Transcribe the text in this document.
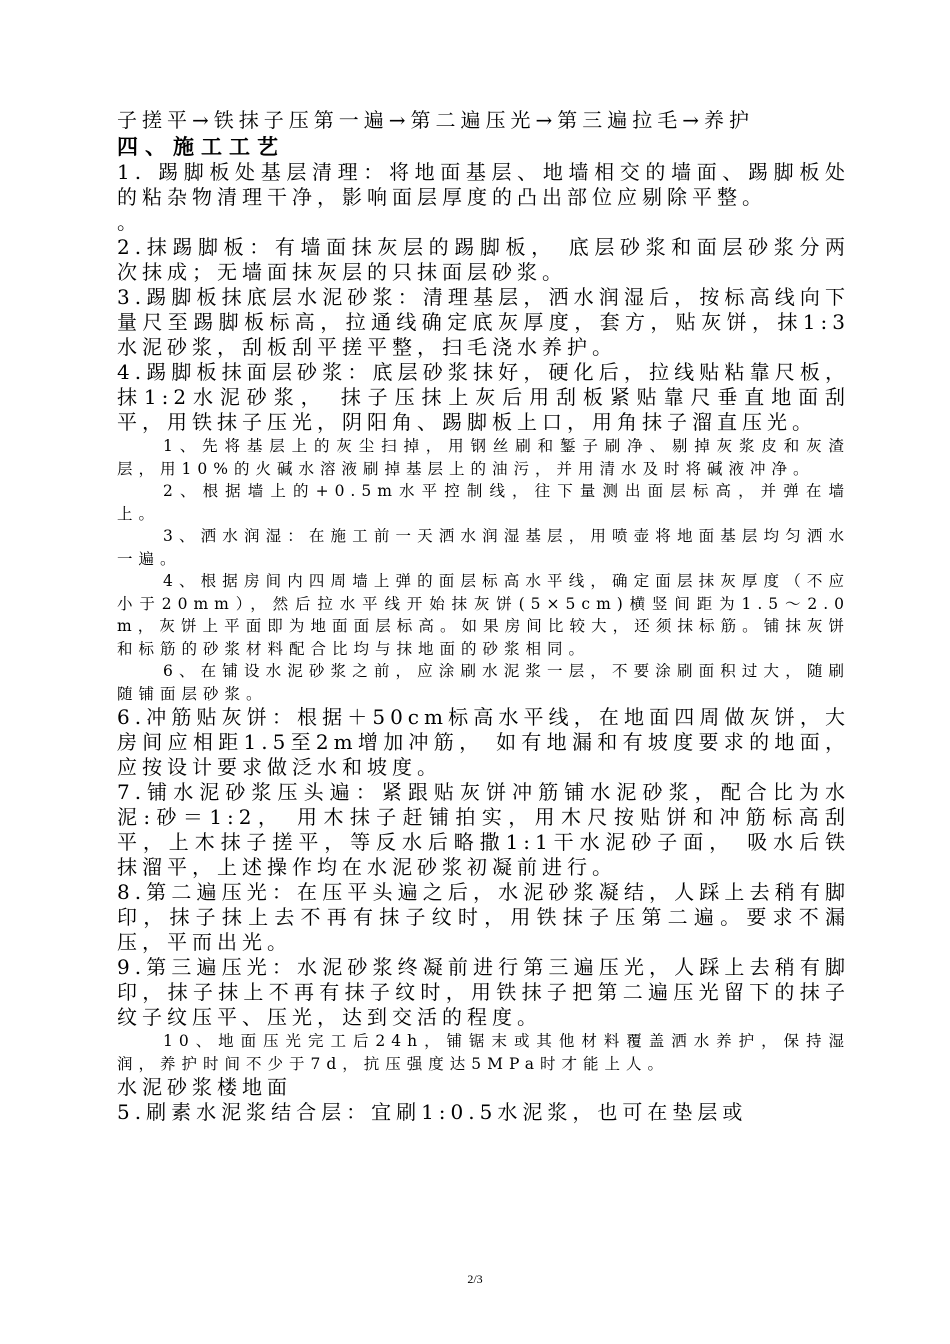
子搓平→铁抹子压第一遍→第二遍压光→第三遍拉毛→养护

四、施工工艺

1. 踢脚板处基层清理：将地面基层、地墙相交的墙面、踢脚板处的粘杂物清理干净，影响面层厚度的凸出部位应剔除平整。

。

2.抹踢脚板：有墙面抹灰层的踢脚板， 底层砂浆和面层砂浆分两次抹成；无墙面抹灰层的只抹面层砂浆。

3.踢脚板抹底层水泥砂浆：清理基层，洒水润湿后，按标高线向下量尺至踢脚板标高，拉通线确定底灰厚度，套方，贴灰饼，抹1:3水泥砂浆，刮板刮平搓平整，扫毛浇水养护。

4.踢脚板抹面层砂浆：底层砂浆抹好，硬化后，拉线贴粘靠尺板，抹1:2水泥砂浆， 抹子压抹上灰后用刮板紧贴靠尺垂直地面刮平，用铁抹子压光，阴阳角、踢脚板上口，用角抹子溜直压光。

1、先将基层上的灰尘扫掉，用钢丝刷和錾子刷净、剔掉灰浆皮和灰渣层，用10%的火碱水溶液刷掉基层上的油污，并用清水及时将碱液冲净。

2、根据墙上的+0.5m水平控制线，往下量测出面层标高，并弹在墙上。

3、洒水润湿：在施工前一天洒水润湿基层，用喷壶将地面基层均匀洒水一遍。

4、根据房间内四周墙上弹的面层标高水平线，确定面层抹灰厚度（不应小于20mm），然后拉水平线开始抹灰饼(5×5cm)横竖间距为1.5～2.0m，灰饼上平面即为地面面层标高。如果房间比较大，还须抹标筋。铺抹灰饼和标筋的砂浆材料配合比均与抹地面的砂浆相同。

6、在铺设水泥砂浆之前，应涂刷水泥浆一层，不要涂刷面积过大，随刷随铺面层砂浆。

6.冲筋贴灰饼：根据＋50cm标高水平线，在地面四周做灰饼，大房间应相距1.5至2m增加冲筋， 如有地漏和有坡度要求的地面，应按设计要求做泛水和坡度。

7.铺水泥砂浆压头遍：紧跟贴灰饼冲筋铺水泥砂浆，配合比为水泥:砂＝1:2， 用木抹子赶铺拍实，用木尺按贴饼和冲筋标高刮平，上木抹子搓平，等反水后略撒1:1干水泥砂子面， 吸水后铁抹溜平，上述操作均在水泥砂浆初凝前进行。

8.第二遍压光：在压平头遍之后，水泥砂浆凝结，人踩上去稍有脚印，抹子抹上去不再有抹子纹时，用铁抹子压第二遍。要求不漏压，平而出光。

9.第三遍压光：水泥砂浆终凝前进行第三遍压光，人踩上去稍有脚印，抹子抹上不再有抹子纹时，用铁抹子把第二遍压光留下的抹子纹子纹压平、压光，达到交活的程度。

10、地面压光完工后24h，铺锯末或其他材料覆盖洒水养护，保持湿润，养护时间不少于7d，抗压强度达5MPa时才能上人。

水泥砂浆楼地面

5.刷素水泥浆结合层：宜刷1:0.5水泥浆，也可在垫层或

2/3
